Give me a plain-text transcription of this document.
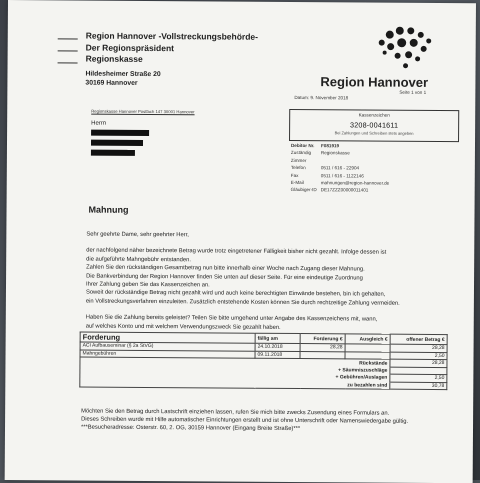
Region Hannover -Vollstreckungsbehörde-
Der Regionspräsident
Regionskasse
Hildesheimer Straße 20
30169 Hannover	Region Hannover
Datum: 9. November 2018
Seite 1 von 1
Regionskasse Hannover Postfach 147 30001 Hannover
Herrn
Kassenzeichen
3208-0041611
Bei Zahlungen und Schreiben stets angeben
Debitor Nr.	F081919
Zuständig	Regionskasse
Zimmer
Telefon	0511 / 616 - 22904
Fax	0511 / 616 - 1122146
E-Mail	mahnungen@region-hannover.de
Gläubiger-ID DE17ZZZ00000011401
Mahnung

Sehr geehrte Dame, sehr geehrter Herr,

der nachfolgend näher bezeichnete Betrag wurde trotz eingetretener Fälligkeit bisher nicht gezahlt. Infolge dessen ist

die aufgeführte Mahngebühr entstanden.

Zahlen Sie den rückständigen Gesamtbetrag nun bitte innerhalb einer Woche nach Zugang dieser Mahnung.

Die Bankverbindung der Region Hannover finden Sie unten auf dieser Seite. Für eine eindeutige Zuordnung

Ihrer Zahlung geben Sie das Kassenzeichen an.

Soweit der rückständige Betrag nicht gezahlt wird und auch keine berechtigten Einwände bestehen, bin ich gehalten,

ein Vollstreckungsverfahren einzuleiten. Zusätzlich entstehende Kosten können Sie durch rechtzeitige Zahlung vermeiden.

Haben Sie die Zahlung bereits geleistet? Teilen Sie bitte umgehend unter Angabe des Kassenzeichens mit, wann,

auf welches Konto und mit welchem Verwendungszweck Sie gezahlt haben.

Forderung	fällig am	Forderung €	Ausgleich €	offener Betrag €
ACI Aufbauseminar (§ 2a StVG)	24.10.2018	28,28		28,28
Mahngebühren	09.11.2018			2,50
Rückstände				28,28
+ Säumniszuschläge				
+ Gebühren/Auslagen				2,50
zu bezahlen sind				30,78

Möchten Sie den Betrag durch Lastschrift einziehen lassen, rufen Sie mich bitte zwecks Zusendung eines Formulars an.

Dieses Schreiben wurde mit Hilfe automatischer Einrichtungen erstellt und ist ohne Unterschrift oder Namenswiedergabe gültig.

***Besucheradresse: Osterstr. 60, 2. OG, 30159 Hannover (Eingang Breite Straße)***
